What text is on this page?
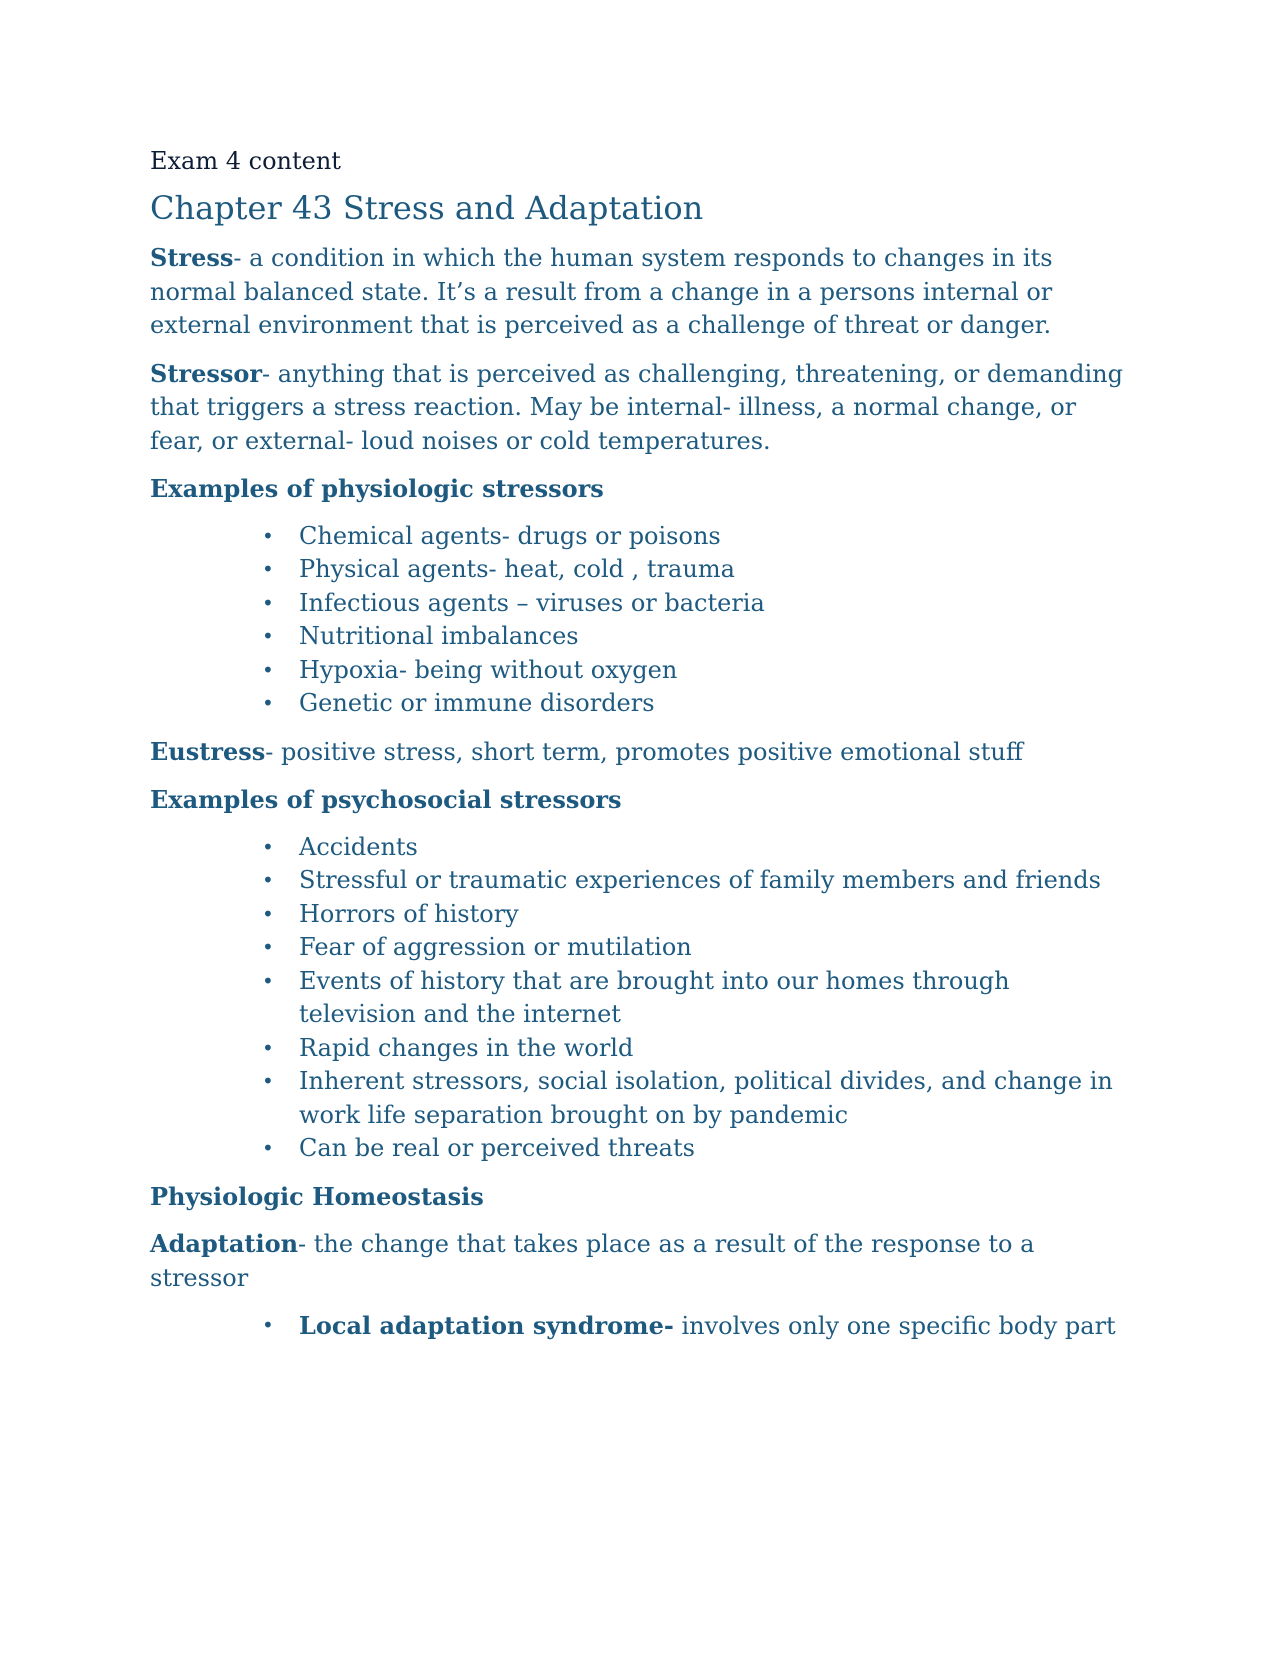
Exam 4 content
Chapter 43 Stress and Adaptation

Stress- a condition in which the human system responds to changes in its normal balanced state. It’s a result from a change in a persons internal or external environment that is perceived as a challenge of threat or danger.

Stressor- anything that is perceived as challenging, threatening, or demanding that triggers a stress reaction. May be internal- illness, a normal change, or fear, or external- loud noises or cold temperatures.

Examples of physiologic stressors
• Chemical agents- drugs or poisons
• Physical agents- heat, cold , trauma
• Infectious agents – viruses or bacteria
• Nutritional imbalances
• Hypoxia- being without oxygen
• Genetic or immune disorders

Eustress- positive stress, short term, promotes positive emotional stuff

Examples of psychosocial stressors
• Accidents
• Stressful or traumatic experiences of family members and friends
• Horrors of history
• Fear of aggression or mutilation
• Events of history that are brought into our homes through television and the internet
• Rapid changes in the world
• Inherent stressors, social isolation, political divides, and change in work life separation brought on by pandemic
• Can be real or perceived threats
Physiologic Homeostasis

Adaptation- the change that takes place as a result of the response to a stressor

• Local adaptation syndrome- involves only one specific body part
